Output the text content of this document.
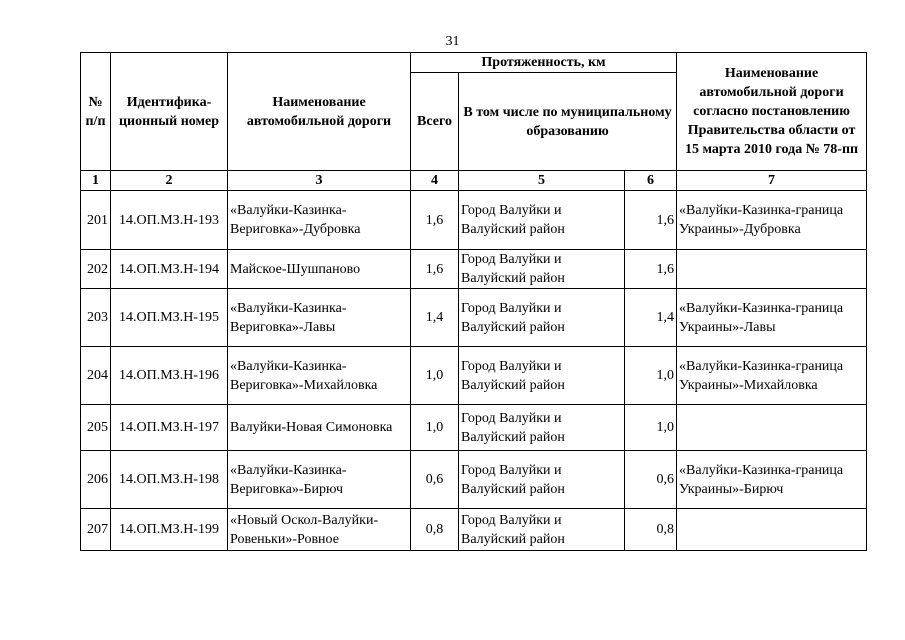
31
№ п/п	Идентифика- ционный номер	Наименование автомобильной дороги	Протяженность, км			Наименование автомобильной дороги согласно постановлению Правительства области от 15 марта 2010 года № 78-пп
			Всего	В том числе по муниципальному образованию		
1	2	3	4	5	6	7
201	14.ОП.МЗ.Н-193	«Валуйки-Казинка-Вериговка»-Дубровка	1,6	Город Валуйки и Валуйский район	1,6	«Валуйки-Казинка-граница Украины»-Дубровка
202	14.ОП.МЗ.Н-194	Майское-Шушпаново	1,6	Город Валуйки и Валуйский район	1,6	
203	14.ОП.МЗ.Н-195	«Валуйки-Казинка-Вериговка»-Лавы	1,4	Город Валуйки и Валуйский район	1,4	«Валуйки-Казинка-граница Украины»-Лавы
204	14.ОП.МЗ.Н-196	«Валуйки-Казинка-Вериговка»-Михайловка	1,0	Город Валуйки и Валуйский район	1,0	«Валуйки-Казинка-граница Украины»-Михайловка
205	14.ОП.МЗ.Н-197	Валуйки-Новая Симоновка	1,0	Город Валуйки и Валуйский район	1,0	
206	14.ОП.МЗ.Н-198	«Валуйки-Казинка-Вериговка»-Бирюч	0,6	Город Валуйки и Валуйский район	0,6	«Валуйки-Казинка-граница Украины»-Бирюч
207	14.ОП.МЗ.Н-199	«Новый Оскол-Валуйки-Ровеньки»-Ровное	0,8	Город Валуйки и Валуйский район	0,8	
